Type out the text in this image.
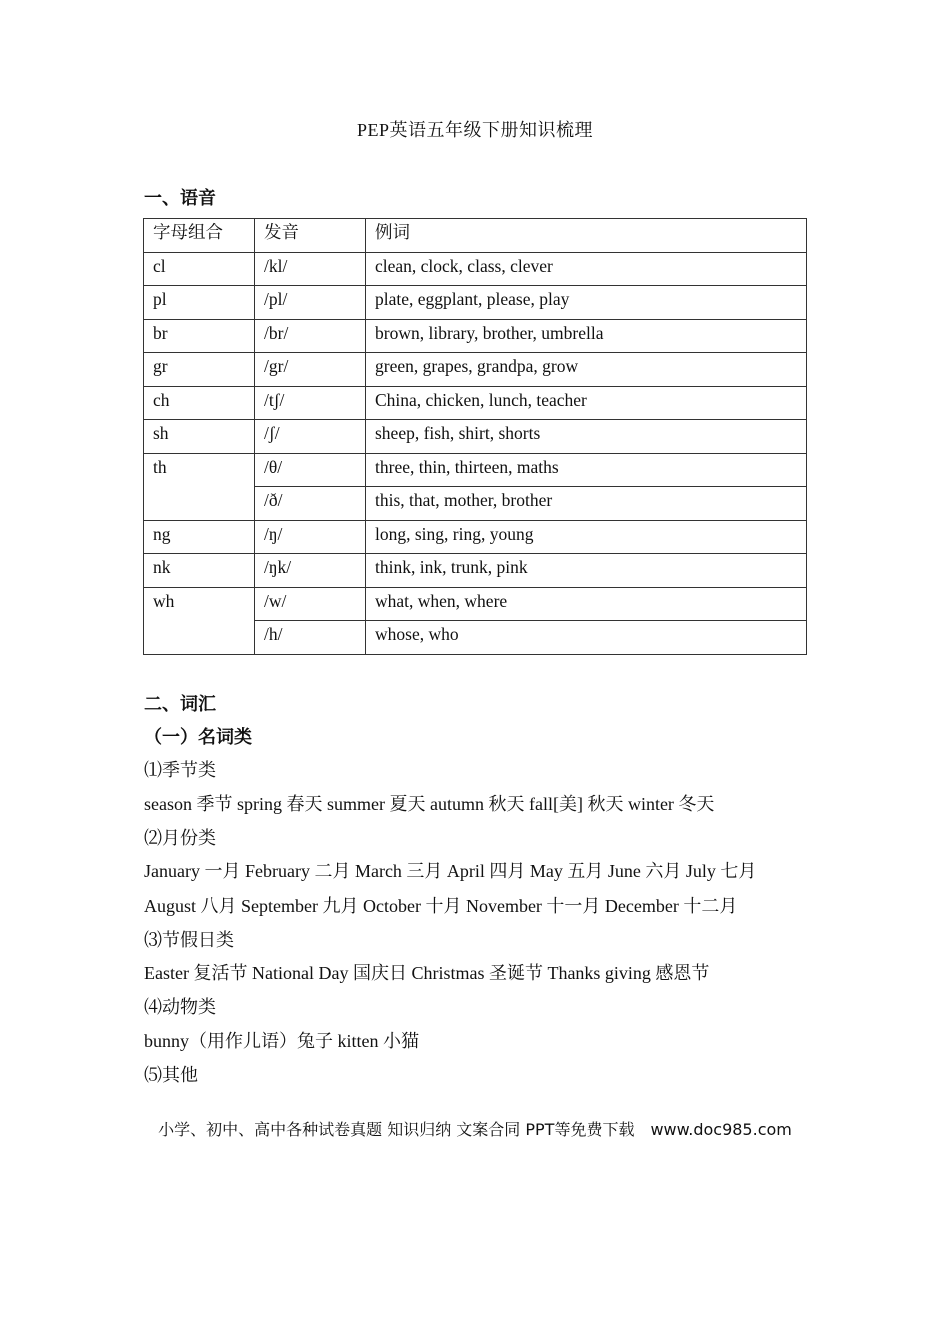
PEP英语五年级下册知识梳理
一、语音
字母组合	发音	例词
cl	/kl/	clean, clock, class, clever
pl	/pl/	plate, eggplant, please, play
br	/br/	brown, library, brother, umbrella
gr	/gr/	green, grapes, grandpa, grow
ch	/tʃ/	China, chicken, lunch, teacher
sh	/ʃ/	sheep, fish, shirt, shorts
th	/θ/	three, thin, thirteen, maths
	/ð/	this, that, mother, brother
ng	/ŋ/	long, sing, ring, young
nk	/ŋk/	think, ink, trunk, pink
wh	/w/	what, when, where
	/h/	whose, who
二、词汇
（一）名词类
⑴季节类
season 季节 spring 春天 summer 夏天 autumn 秋天 fall[美] 秋天 winter 冬天
⑵月份类
January 一月 February 二月 March 三月 April 四月 May 五月 June 六月 July 七月
August 八月 September 九月 October 十月 November 十一月 December 十二月
⑶节假日类
Easter 复活节 National Day 国庆日 Christmas 圣诞节 Thanks giving 感恩节
⑷动物类
bunny（用作儿语）兔子 kitten 小猫
⑸其他
小学、初中、高中各种试卷真题 知识归纳 文案合同 PPT等免费下载 www.doc985.com
